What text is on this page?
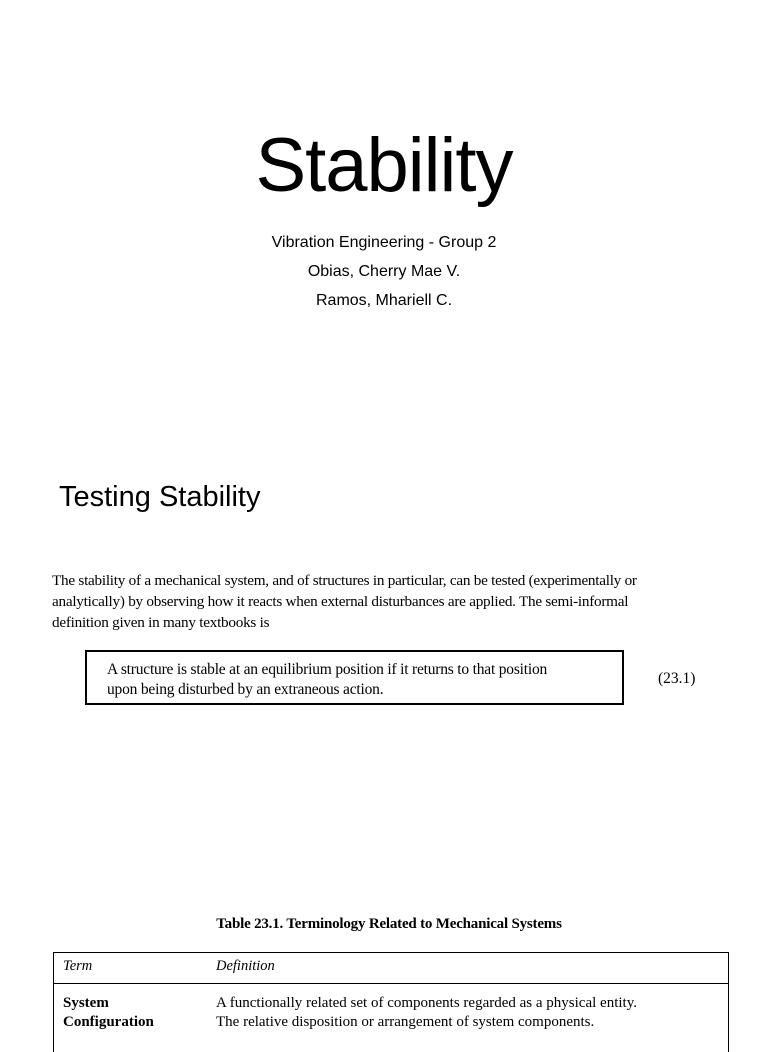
Stability
Vibration Engineering - Group 2
Obias, Cherry Mae V.
Ramos, Mhariell C.
Testing Stability
The stability of a mechanical system, and of structures in particular, can be tested (experimentally or
analytically) by observing how it reacts when external disturbances are applied. The semi-informal
definition given in many textbooks is
A structure is stable at an equilibrium position if it returns to that position
upon being disturbed by an extraneous action.
(23.1)
Table 23.1. Terminology Related to Mechanical Systems
Term	Definition
System	A functionally related set of components regarded as a physical entity.
Configuration	The relative disposition or arrangement of system components.
